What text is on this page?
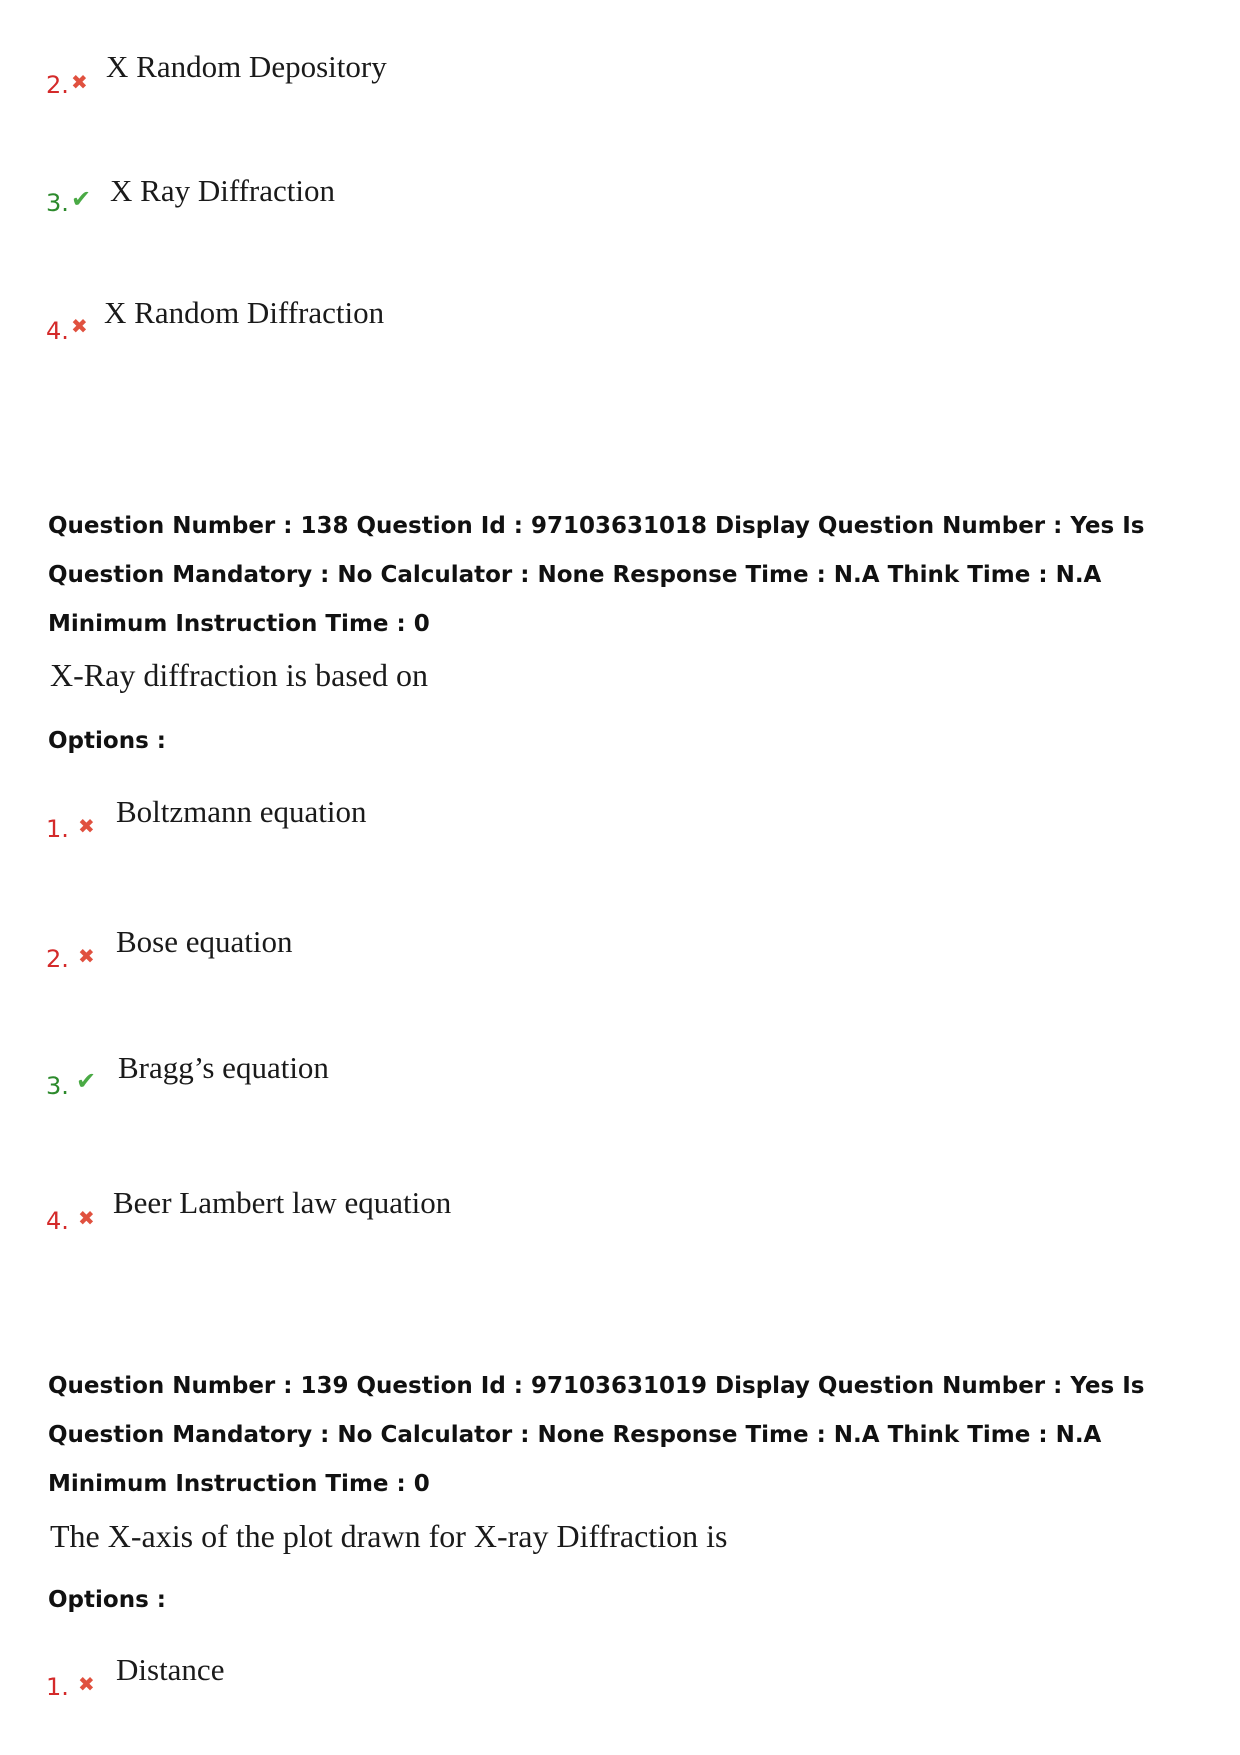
2. ✖ X Random Depository
3. ✔ X Ray Diffraction
4. ✖ X Random Diffraction
Question Number : 138 Question Id : 97103631018 Display Question Number : Yes Is Question Mandatory : No Calculator : None Response Time : N.A Think Time : N.A Minimum Instruction Time : 0
X-Ray diffraction is based on
Options :
1. ✖ Boltzmann equation
2. ✖ Bose equation
3. ✔ Bragg’s equation
4. ✖ Beer Lambert law equation
Question Number : 139 Question Id : 97103631019 Display Question Number : Yes Is Question Mandatory : No Calculator : None Response Time : N.A Think Time : N.A Minimum Instruction Time : 0
The X-axis of the plot drawn for X-ray Diffraction is
Options :
1. ✖ Distance
